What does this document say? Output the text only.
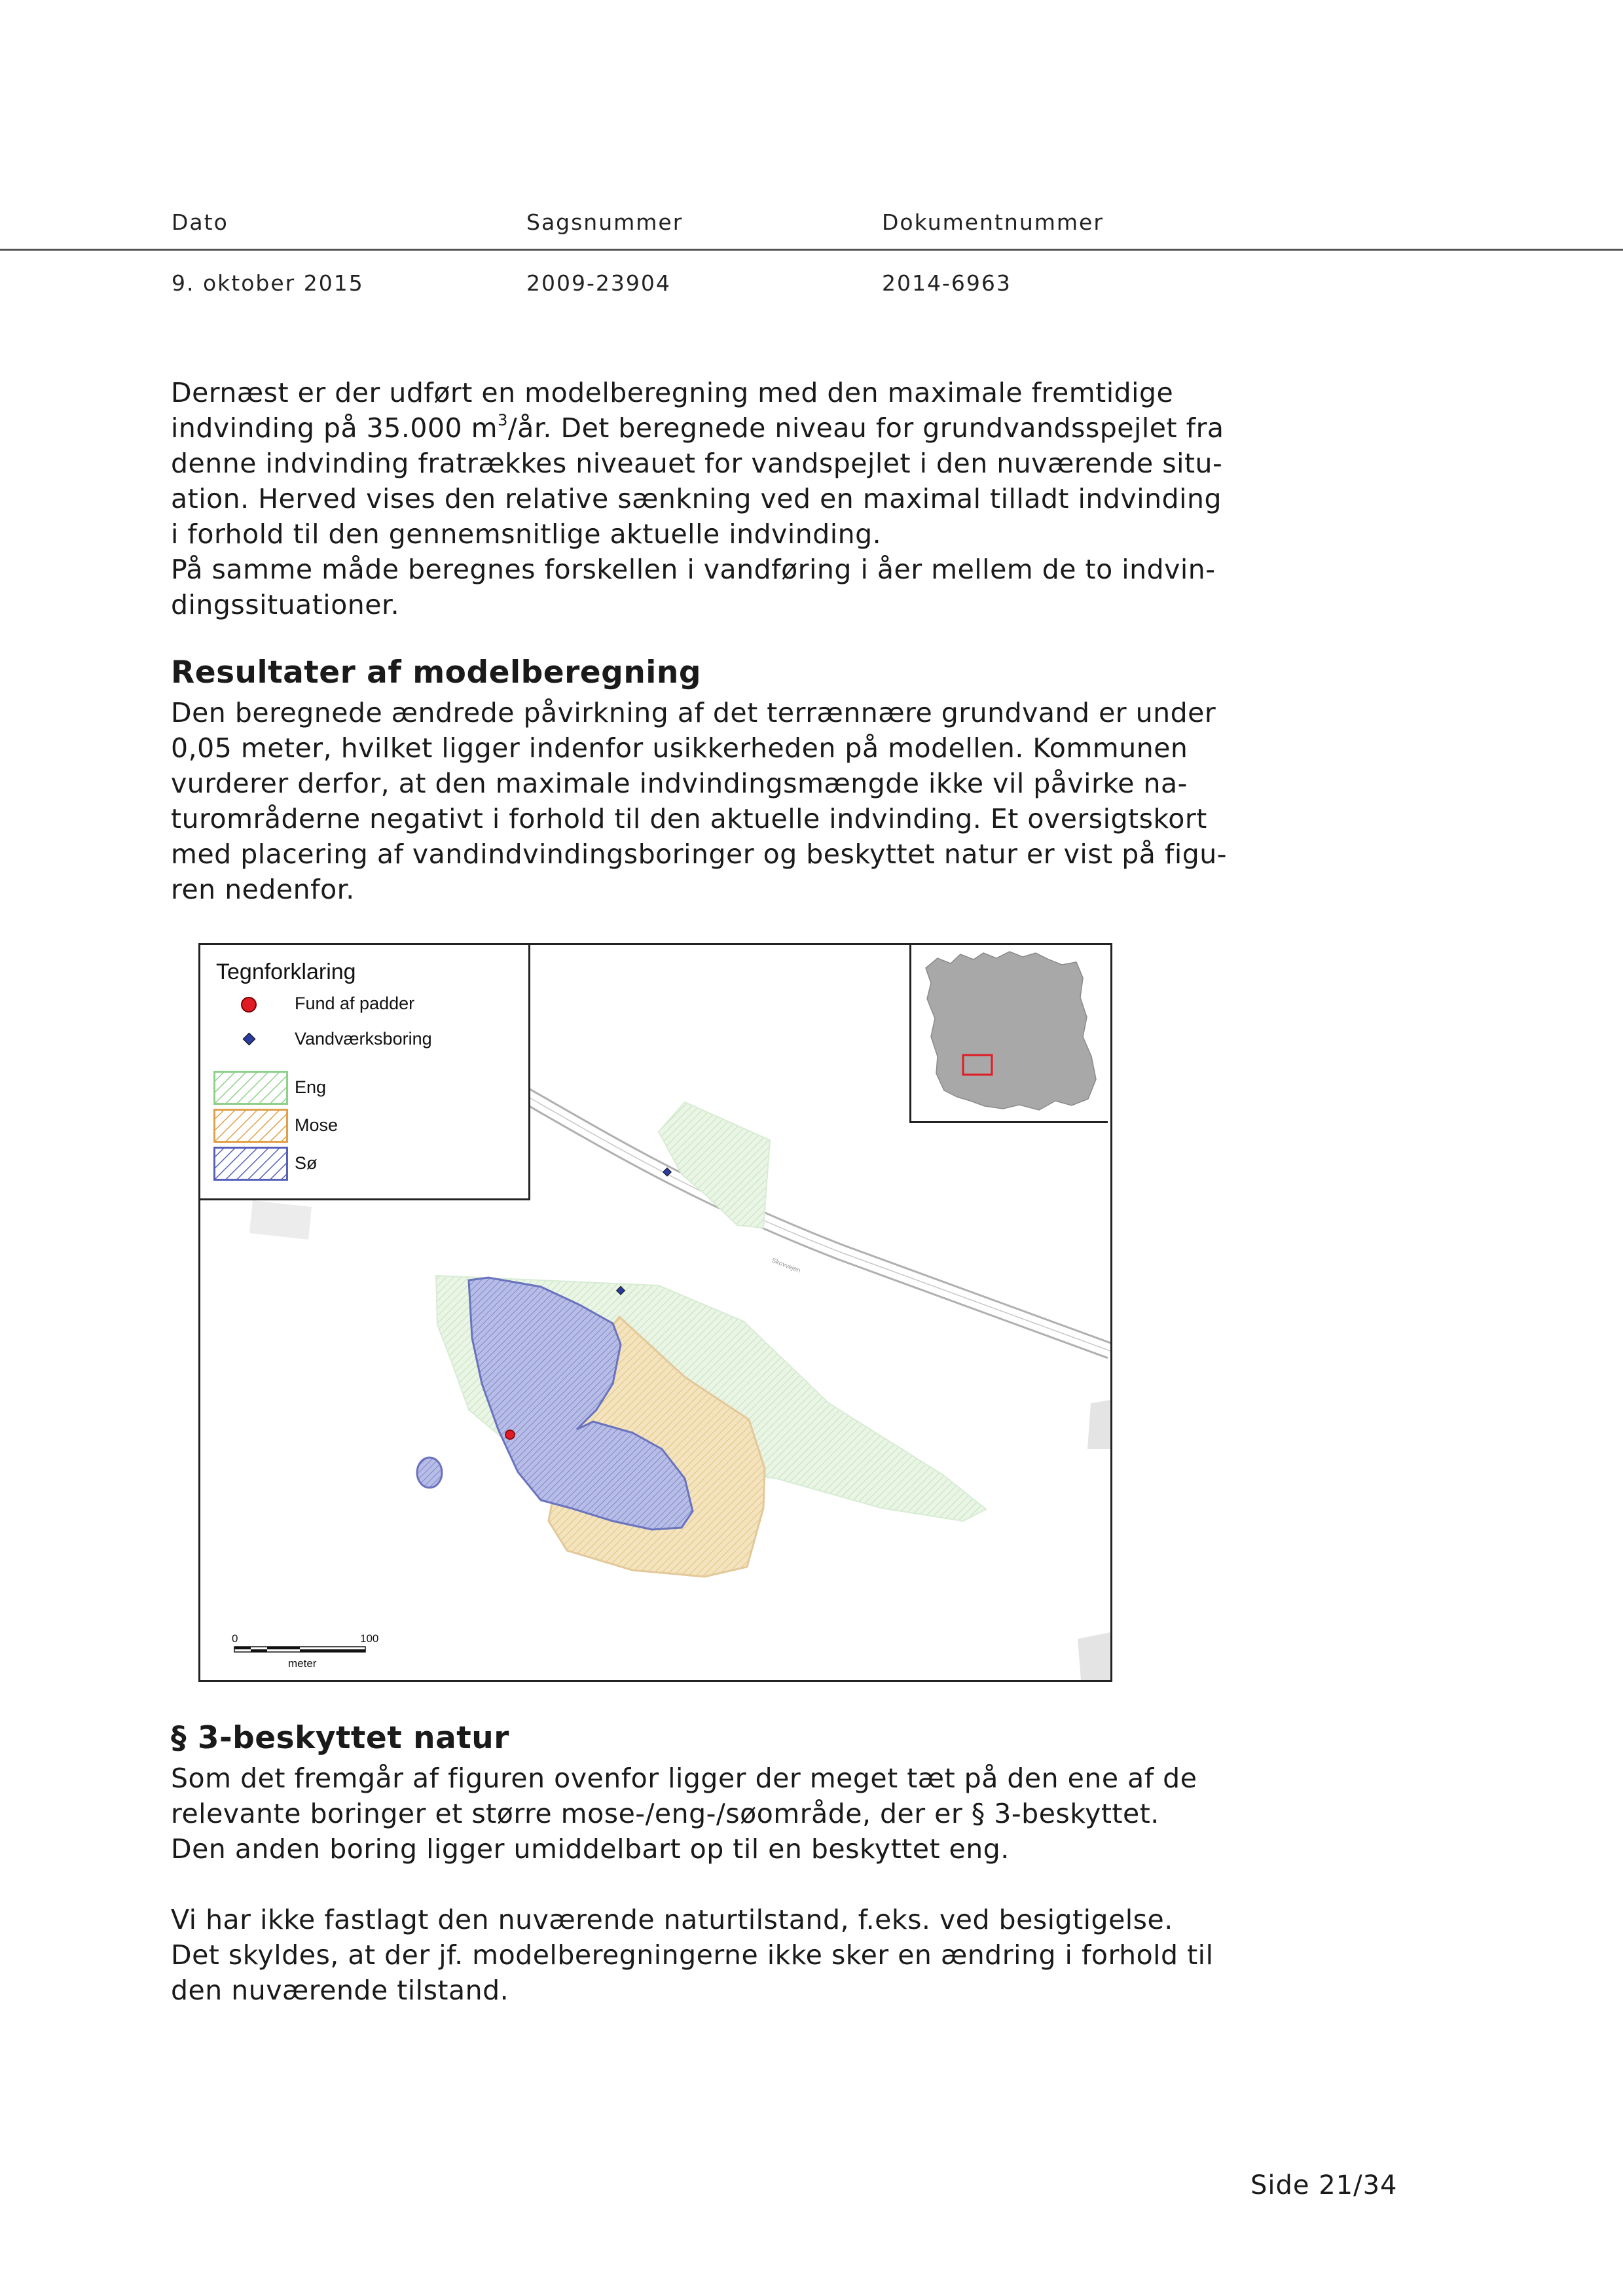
Dato	Sagsnummer	Dokumentnummer
9. oktober 2015	2009-23904	2014-6963
Dernæst er der udført en modelberegning med den maximale fremtidige
indvinding på 35.000 $m^3/år$. Det beregnede niveau for grundvandsspejlet fra
denne indvinding fratrækkes niveauet for vandspejlet i den nuværende situ-
ation. Herved vises den relative sænkning ved en maximal tilladt indvinding
i forhold til den gennemsnitlige aktuelle indvinding.
På samme måde beregnes forskellen i vandføring i åer mellem de to indvin-
dingssituationer.
Resultater af modelberegning
Den beregnede ændrede påvirkning af det terrænnære grundvand er under
0,05 meter, hvilket ligger indenfor usikkerheden på modellen. Kommunen
vurderer derfor, at den maximale indvindingsmængde ikke vil påvirke na-
turområderne negativt i forhold til den aktuelle indvinding. Et oversigtskort
med placering af vandindvindingsboringer og beskyttet natur er vist på figu-
ren nedenfor.
Skovvejen
Tegnforklaring
Fund af padder
Vandværksboring
Eng
Mose
Sø
0	100
meter
§ 3-beskyttet natur
Som det fremgår af figuren ovenfor ligger der meget tæt på den ene af de
relevante boringer et større mose-/eng-/søområde, der er § 3-beskyttet.
Den anden boring ligger umiddelbart op til en beskyttet eng.
Vi har ikke fastlagt den nuværende naturtilstand, f.eks. ved besigtigelse.
Det skyldes, at der jf. modelberegningerne ikke sker en ændring i forhold til
den nuværende tilstand.
Side 21/34
